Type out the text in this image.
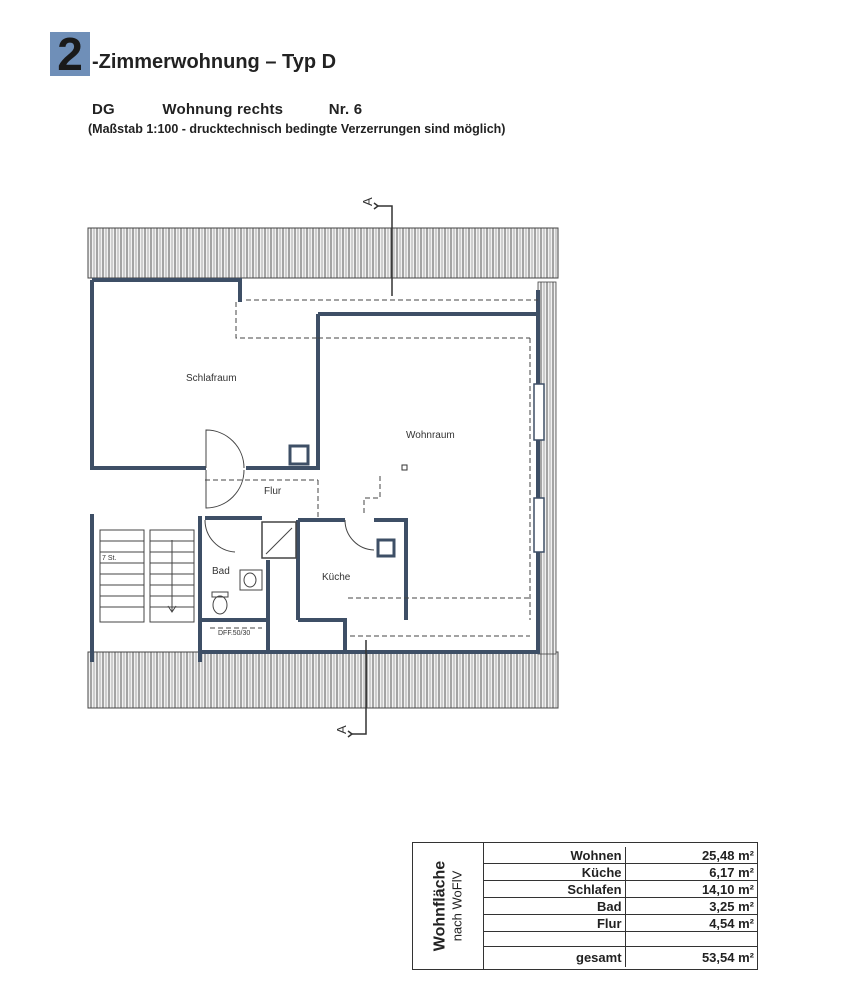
2 -Zimmerwohnung – Typ D
DG	Wohnung rechts	Nr. 6
(Maßstab 1:100 - drucktechnisch bedingte Verzerrungen sind möglich)
A
A
Schlafraum
Wohnraum
Flur
Bad
Küche
DFF.50/30
7 St.
Wohnfläche nach WoFlV
Wohnen	25,48 m²
Küche	6,17 m²
Schlafen	14,10 m²
Bad	3,25 m²
Flur	4,54 m²

gesamt	53,54 m²
